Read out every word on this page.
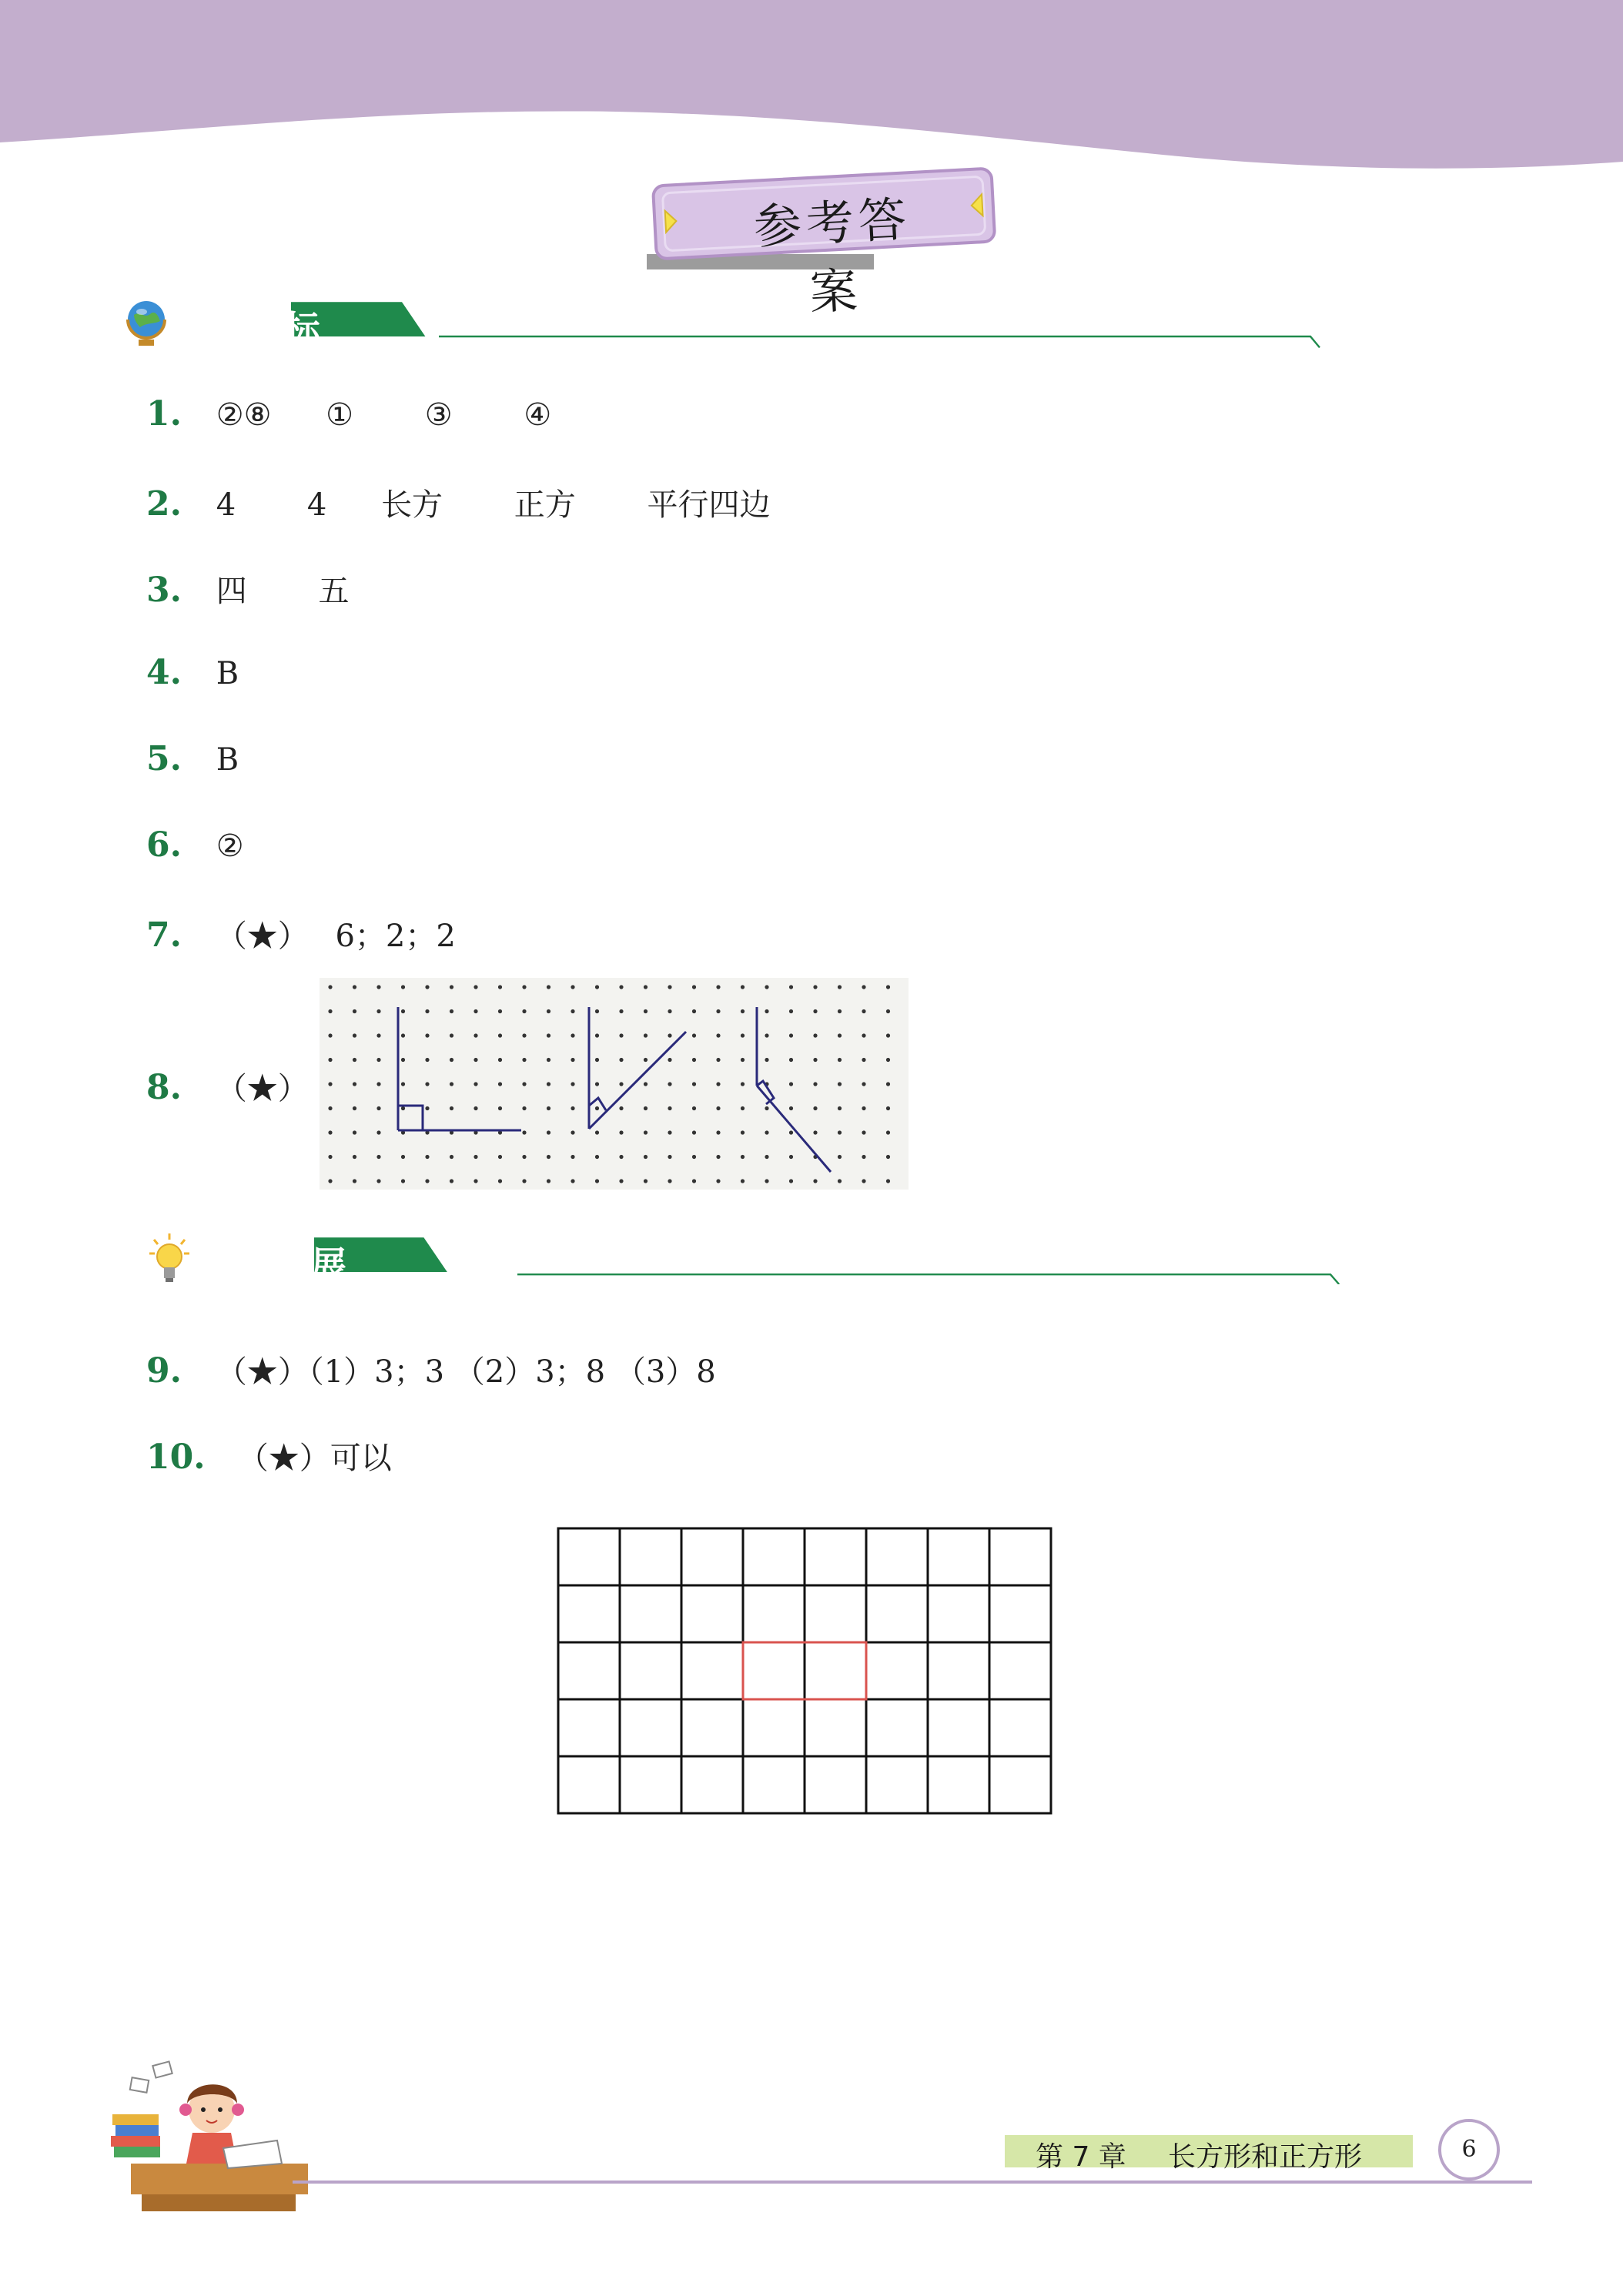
参考答案
基础达标
1. ②⑧ ① ③ ④
2. 4 4 长方 正方 平行四边
3. 四 五
4. B
5. B
6. ②
7. （★） 6；2；2
8. （★）
创新拓展
9. （★）（1）3；3 （2）3；8 （3）8
10. （★）可以
第 7 章 长方形和正方形	6
